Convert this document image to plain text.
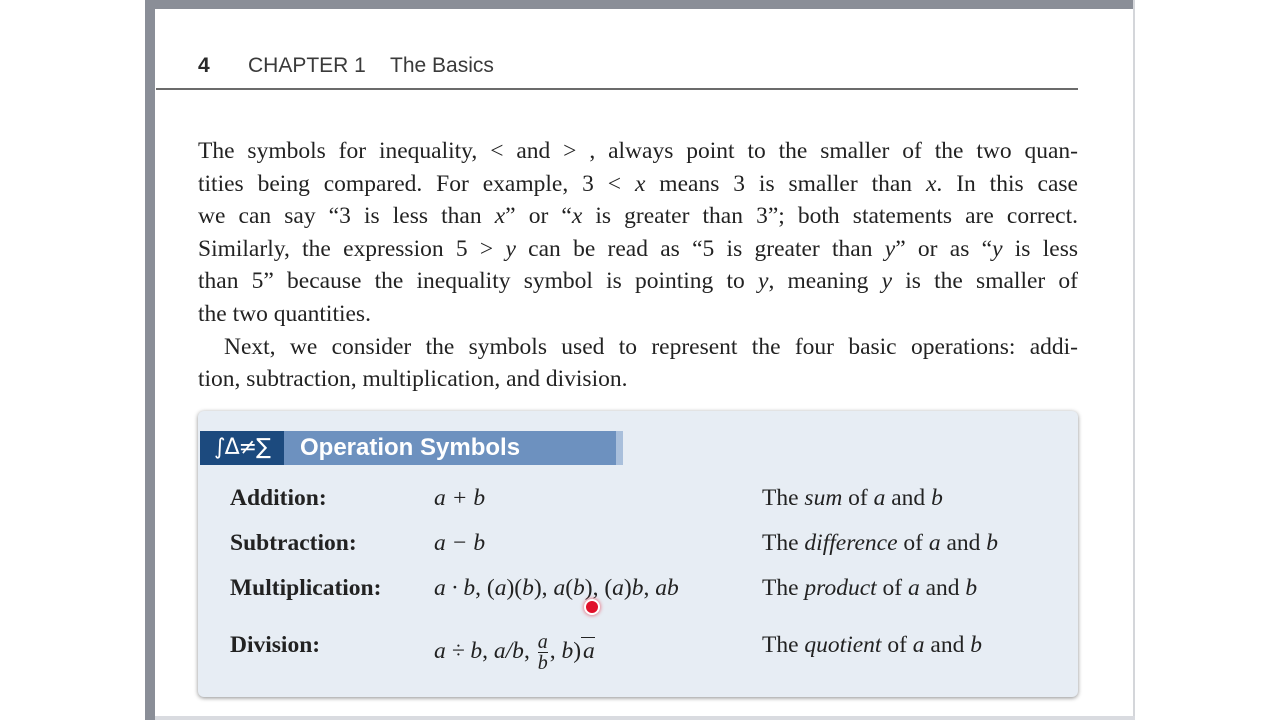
4 CHAPTER 1 The Basics
The symbols for inequality, < and > , always point to the smaller of the two quan-
tities being compared. For example, 3 < x means 3 is smaller than x. In this case
we can say “3 is less than x” or “x is greater than 3”; both statements are correct.
Similarly, the expression 5 > y can be read as “5 is greater than y” or as “y is less
than 5” because the inequality symbol is pointing to y, meaning y is the smaller of
the two quantities.
Next, we consider the symbols used to represent the four basic operations: addi-
tion, subtraction, multiplication, and division.
∫Δ≠∑	Operation Symbols
Addition:	a + b	The sum of a and b
Subtraction:	a − b	The difference of a and b
Multiplication: a · b, (a)(b), a(b), (a)b, ab	The product of a and b
Division:	a ÷ b, a/b, $\frac{a}{b}$ , b)a	The quotient of a and b
